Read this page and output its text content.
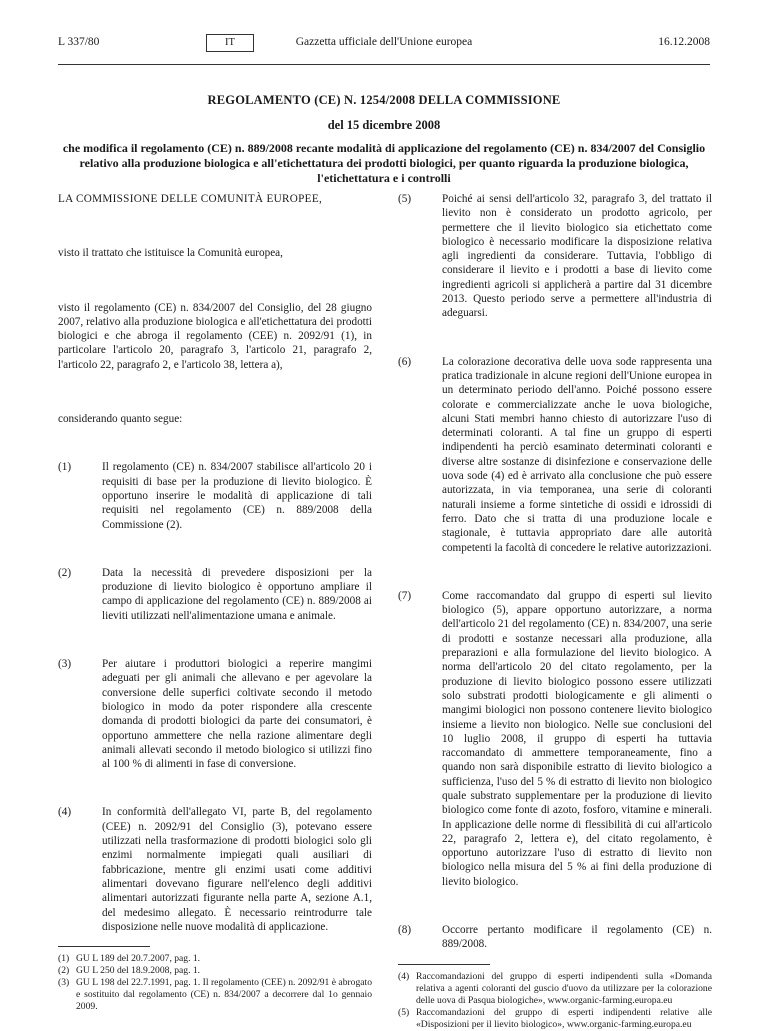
L 337/80	IT	Gazzetta ufficiale dell'Unione europea	16.12.2008

REGOLAMENTO (CE) N. 1254/2008 DELLA COMMISSIONE

del 15 dicembre 2008

che modifica il regolamento (CE) n. 889/2008 recante modalità di applicazione del regolamento (CE) n. 834/2007 del Consiglio relativo alla produzione biologica e all'etichettatura dei prodotti biologici, per quanto riguarda la produzione biologica, l'etichettatura e i controlli

LA COMMISSIONE DELLE COMUNITÀ EUROPEE,

visto il trattato che istituisce la Comunità europea,

visto il regolamento (CE) n. 834/2007 del Consiglio, del 28 giugno 2007, relativo alla produzione biologica e all'etichettatura dei prodotti biologici e che abroga il regolamento (CEE) n. 2092/91 (1), in particolare l'articolo 20, paragrafo 3, l'articolo 21, paragrafo 2, l'articolo 22, paragrafo 2, e l'articolo 38, lettera a),

considerando quanto segue:

(1)	Il regolamento (CE) n. 834/2007 stabilisce all'articolo 20 i requisiti di base per la produzione di lievito biologico. È opportuno inserire le modalità di applicazione di tali requisiti nel regolamento (CE) n. 889/2008 della Commissione (2).
(2)	Data la necessità di prevedere disposizioni per la produzione di lievito biologico è opportuno ampliare il campo di applicazione del regolamento (CE) n. 889/2008 ai lieviti utilizzati nell'alimentazione umana e animale.
(3)	Per aiutare i produttori biologici a reperire mangimi adeguati per gli animali che allevano e per agevolare la conversione delle superfici coltivate secondo il metodo biologico in modo da poter rispondere alla crescente domanda di prodotti biologici da parte dei consumatori, è opportuno ammettere che nella razione alimentare degli animali allevati secondo il metodo biologico si utilizzi fino al 100 % di alimenti in fase di conversione.
(4)	In conformità dell'allegato VI, parte B, del regolamento (CEE) n. 2092/91 del Consiglio (3), potevano essere utilizzati nella trasformazione di prodotti biologici solo gli enzimi normalmente impiegati quali ausiliari di fabbricazione, mentre gli enzimi usati come additivi alimentari dovevano figurare nell'elenco degli additivi alimentari autorizzati figurante nella parte A, sezione A.1, del medesimo allegato. È necessario reintrodurre tale disposizione nelle nuove modalità di applicazione.
(1) GU L 189 del 20.7.2007, pag. 1.
(2) GU L 250 del 18.9.2008, pag. 1.
(3) GU L 198 del 22.7.1991, pag. 1. Il regolamento (CEE) n. 2092/91 è abrogato e sostituito dal regolamento (CE) n. 834/2007 a decorrere dal 1o gennaio 2009.
(5)	Poiché ai sensi dell'articolo 32, paragrafo 3, del trattato il lievito non è considerato un prodotto agricolo, per permettere che il lievito biologico sia etichettato come biologico è necessario modificare la disposizione relativa agli ingredienti da considerare. Tuttavia, l'obbligo di considerare il lievito e i prodotti a base di lievito come ingredienti agricoli si applicherà a partire dal 31 dicembre 2013. Questo periodo serve a permettere all'industria di adeguarsi.
(6)	La colorazione decorativa delle uova sode rappresenta una pratica tradizionale in alcune regioni dell'Unione europea in un determinato periodo dell'anno. Poiché possono essere colorate e commercializzate anche le uova biologiche, alcuni Stati membri hanno chiesto di autorizzare l'uso di determinati coloranti. A tal fine un gruppo di esperti indipendenti ha perciò esaminato determinati coloranti e diverse altre sostanze di disinfezione e conservazione delle uova sode (4) ed è arrivato alla conclusione che può essere autorizzata, in via temporanea, una serie di coloranti naturali insieme a forme sintetiche di ossidi e idrossidi di ferro. Dato che si tratta di una produzione locale e stagionale, è tuttavia appropriato dare alle autorità competenti la facoltà di concedere le relative autorizzazioni.
(7)	Come raccomandato dal gruppo di esperti sul lievito biologico (5), appare opportuno autorizzare, a norma dell'articolo 21 del regolamento (CE) n. 834/2007, una serie di prodotti e sostanze necessari alla produzione, alla preparazioni e alla formulazione del lievito biologico. A norma dell'articolo 20 del citato regolamento, per la produzione di lievito biologico possono essere utilizzati solo substrati prodotti biologicamente e gli alimenti o mangimi biologici non possono contenere lievito biologico insieme a lievito non biologico. Nelle sue conclusioni del 10 luglio 2008, il gruppo di esperti ha tuttavia raccomandato di ammettere temporaneamente, fino a quando non sarà disponibile estratto di lievito biologico a sufficienza, l'uso del 5 % di estratto di lievito non biologico quale substrato supplementare per la produzione di lievito biologico come fonte di azoto, fosforo, vitamine e minerali. In applicazione delle norme di flessibilità di cui all'articolo 22, paragrafo 2, lettera e), del citato regolamento, è opportuno autorizzare l'uso di estratto di lievito non biologico nella misura del 5 % ai fini della produzione di lievito biologico.
(8)	Occorre pertanto modificare il regolamento (CE) n. 889/2008.
(4) Raccomandazioni del gruppo di esperti indipendenti sulla «Domanda relativa a agenti coloranti del guscio d'uovo da utilizzare per la colorazione delle uova di Pasqua biologiche», www.organic-farming.europa.eu
(5) Raccomandazioni del gruppo di esperti indipendenti relative alle «Disposizioni per il lievito biologico», www.organic-farming.europa.eu
